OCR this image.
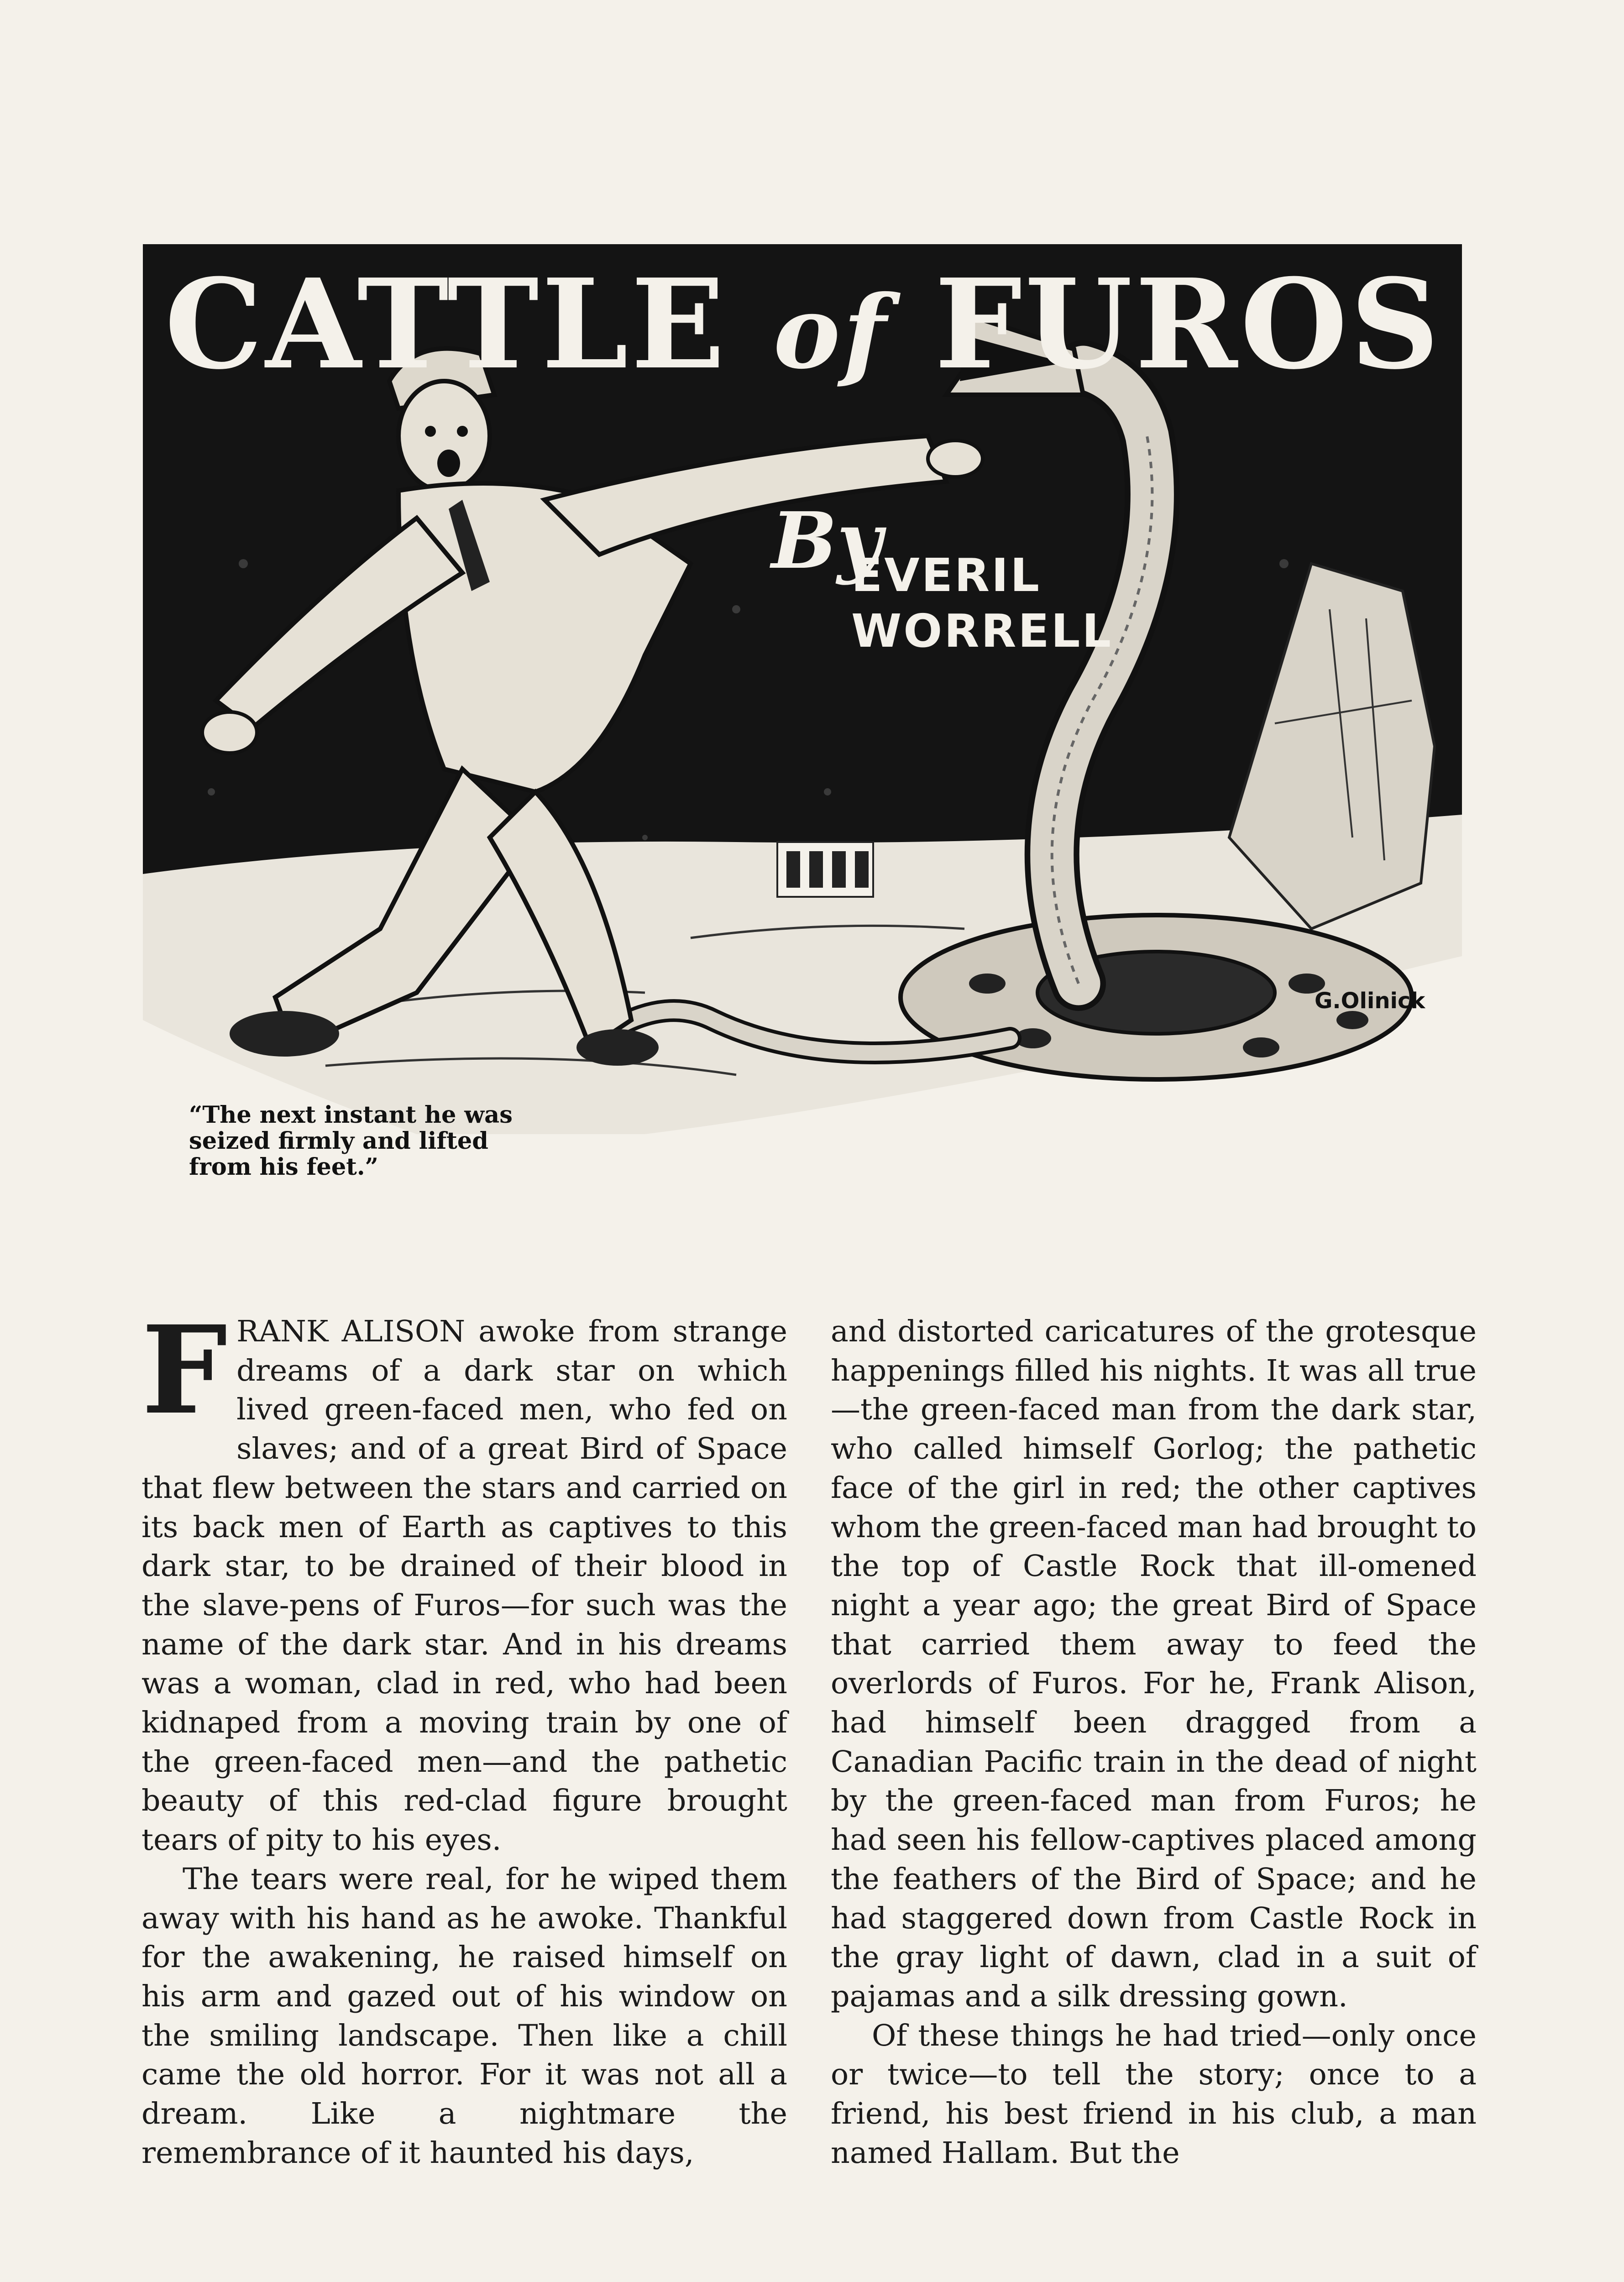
CATTLE of FUROS
By
EVERIL
WORRELL
G.Olinick
“The next instant he was seized firmly and lifted from his feet.”

FRANK ALISON awoke from strange dreams of a dark star on which lived green-faced men, who fed on slaves; and of a great Bird of Space that flew between the stars and carried on its back men of Earth as captives to this dark star, to be drained of their blood in the slave-pens of Furos—for such was the name of the dark star. And in his dreams was a woman, clad in red, who had been kidnaped from a moving train by one of the green-faced men—and the pathetic beauty of this red-clad figure brought tears of pity to his eyes.

The tears were real, for he wiped them away with his hand as he awoke. Thankful for the awakening, he raised himself on his arm and gazed out of his window on the smiling landscape. Then like a chill came the old horror. For it was not all a dream. Like a nightmare the remembrance of it haunted his days,

and distorted caricatures of the grotesque happenings filled his nights. It was all true—the green-faced man from the dark star, who called himself Gorlog; the pathetic face of the girl in red; the other captives whom the green-faced man had brought to the top of Castle Rock that ill-omened night a year ago; the great Bird of Space that carried them away to feed the overlords of Furos. For he, Frank Alison, had himself been dragged from a Canadian Pacific train in the dead of night by the green-faced man from Furos; he had seen his fellow-captives placed among the feathers of the Bird of Space; and he had staggered down from Castle Rock in the gray light of dawn, clad in a suit of pajamas and a silk dressing gown.

Of these things he had tried—only once or twice—to tell the story; once to a friend, his best friend in his club, a man named Hallam. But the
